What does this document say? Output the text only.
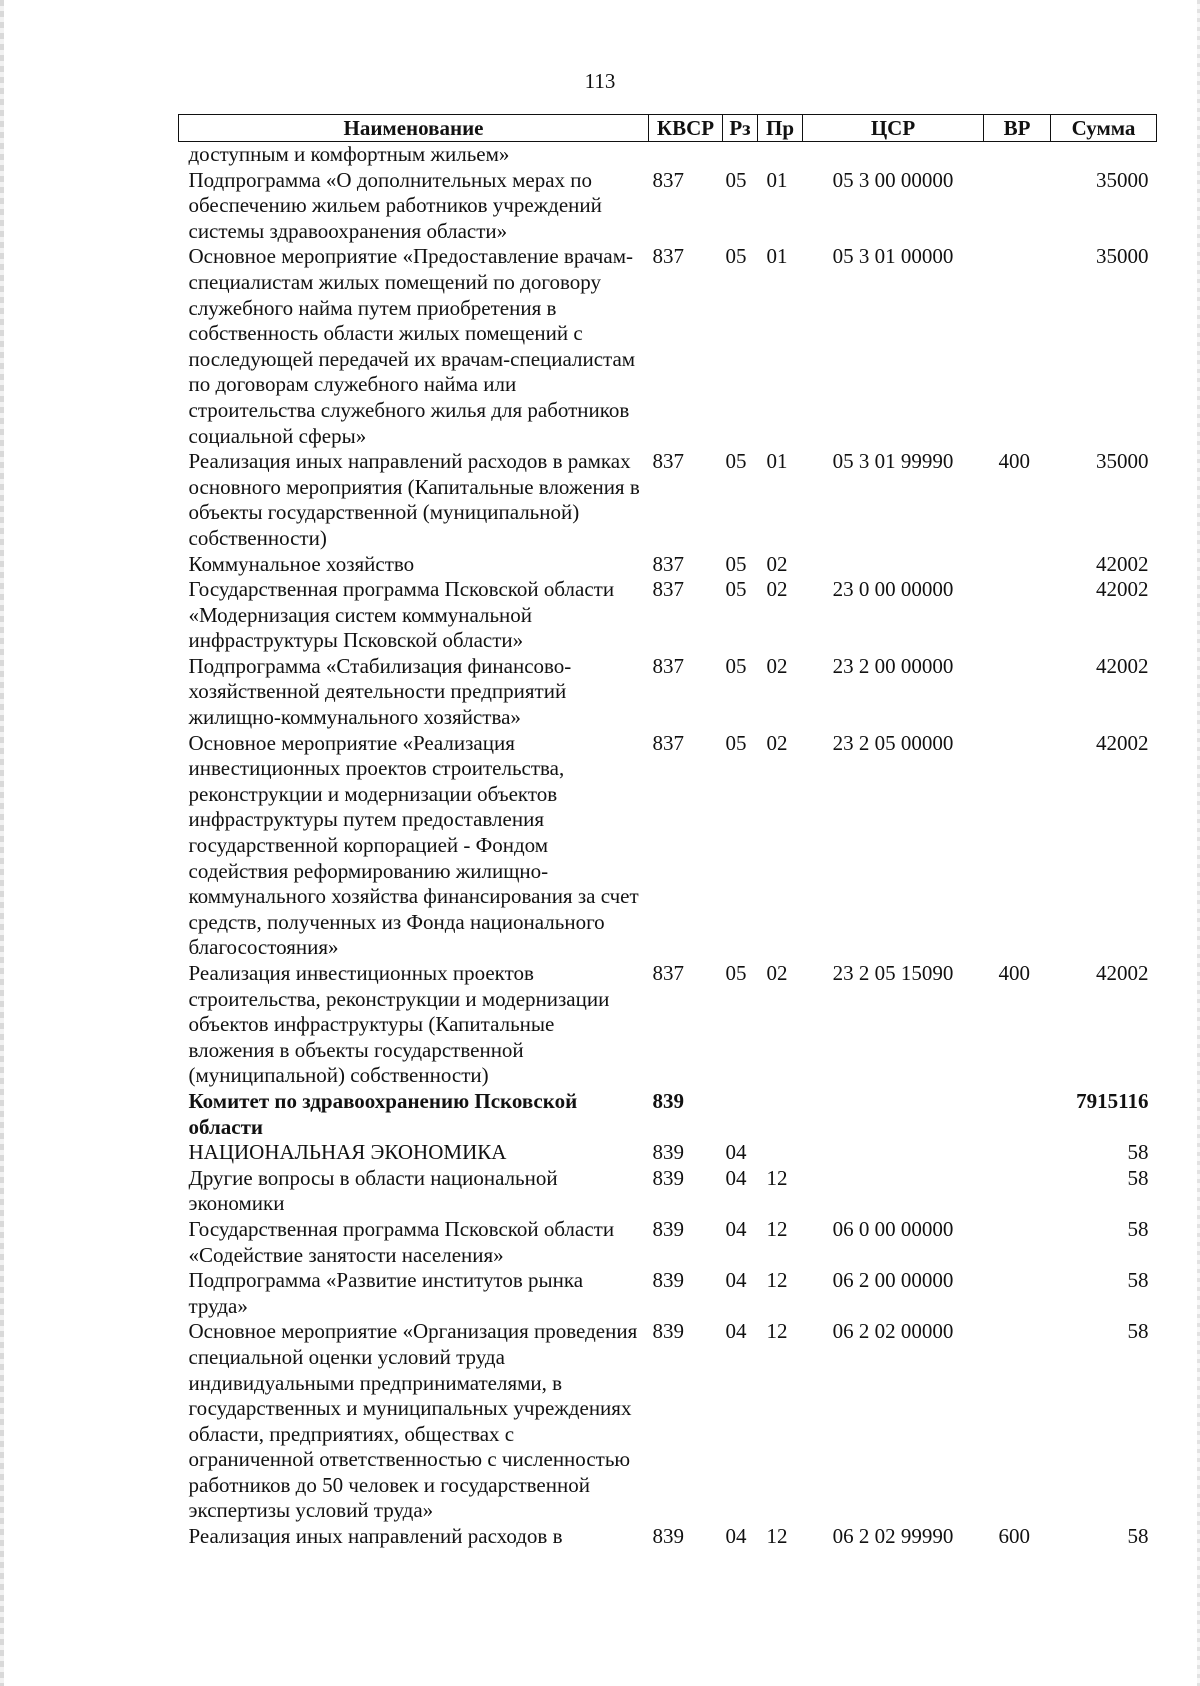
113
Наименование	КВСР	Рз	Пр	ЦСР	ВР	Сумма
доступным и комфортным жильем»						
Подпрограмма «О дополнительных мерах по обеспечению жильем работников учреждений системы здравоохранения области»	837	05	01	05 3 00 00000		35000
Основное мероприятие «Предоставление врачам-специалистам жилых помещений по договору служебного найма путем приобретения в собственность области жилых помещений с последующей передачей их врачам-специалистам по договорам служебного найма или строительства служебного жилья для работников социальной сферы»	837	05	01	05 3 01 00000		35000
Реализация иных направлений расходов в рамках основного мероприятия (Капитальные вложения в объекты государственной (муниципальной) собственности)	837	05	01	05 3 01 99990	400	35000
Коммунальное хозяйство	837	05	02			42002
Государственная программа Псковской области «Модернизация систем коммунальной инфраструктуры Псковской области»	837	05	02	23 0 00 00000		42002
Подпрограмма «Стабилизация финансово-хозяйственной деятельности предприятий жилищно-коммунального хозяйства»	837	05	02	23 2 00 00000		42002
Основное мероприятие «Реализация инвестиционных проектов строительства, реконструкции и модернизации объектов инфраструктуры путем предоставления государственной корпорацией - Фондом содействия реформированию жилищно-коммунального хозяйства финансирования за счет средств, полученных из Фонда национального благосостояния»	837	05	02	23 2 05 00000		42002
Реализация инвестиционных проектов строительства, реконструкции и модернизации объектов инфраструктуры (Капитальные вложения в объекты государственной (муниципальной) собственности)	837	05	02	23 2 05 15090	400	42002
Комитет по здравоохранению Псковской области	839					7915116
НАЦИОНАЛЬНАЯ ЭКОНОМИКА	839	04				58
Другие вопросы в области национальной экономики	839	04	12			58
Государственная программа Псковской области «Содействие занятости населения»	839	04	12	06 0 00 00000		58
Подпрограмма «Развитие институтов рынка труда»	839	04	12	06 2 00 00000		58
Основное мероприятие «Организация проведения специальной оценки условий труда индивидуальными предпринимателями, в государственных и муниципальных учреждениях области, предприятиях, обществах с ограниченной ответственностью с численностью работников до 50 человек и государственной экспертизы условий труда»	839	04	12	06 2 02 00000		58
Реализация иных направлений расходов в	839	04	12	06 2 02 99990	600	58
